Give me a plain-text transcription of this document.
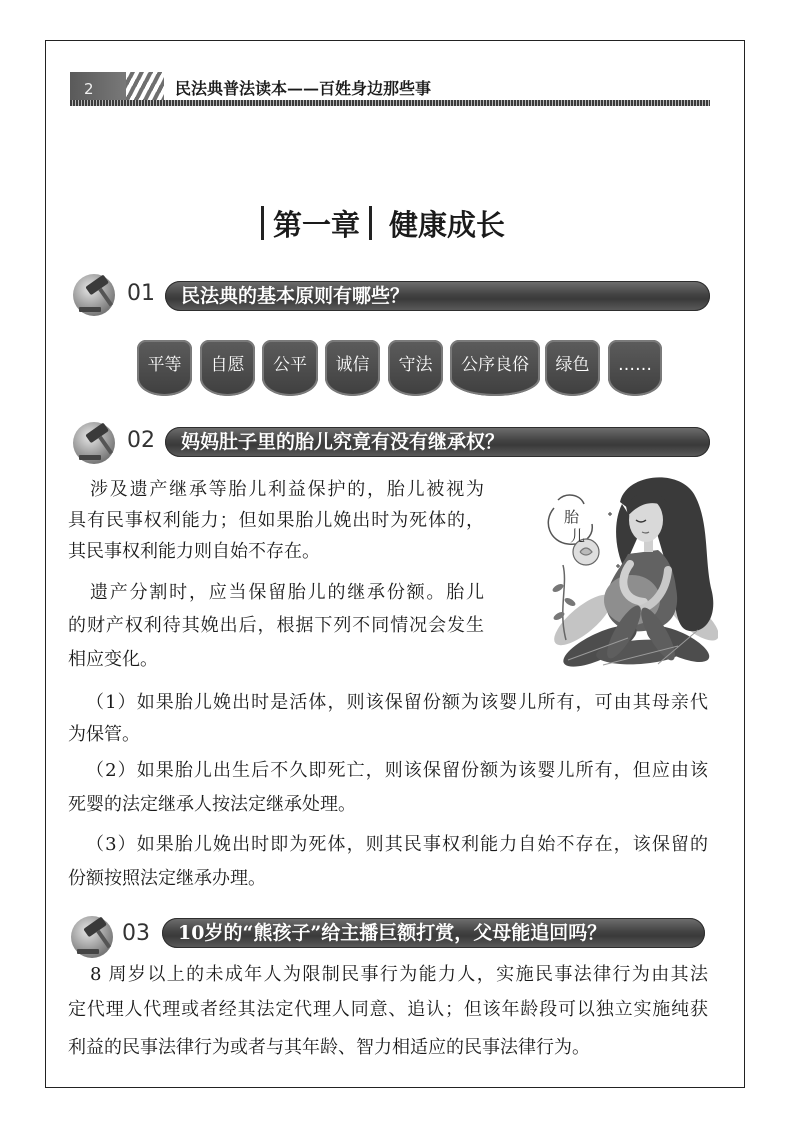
2	民法典普法读本——百姓身边那些事
第一章 健康成长
01	民法典的基本原则有哪些？
平等	自愿	公平	诚信	守法	公序良俗	绿色	……
02	妈妈肚子里的胎儿究竟有没有继承权？
涉及遗产继承等胎儿利益保护的，胎儿被视为
具有民事权利能力；但如果胎儿娩出时为死体的，
其民事权利能力则自始不存在。
遗产分割时，应当保留胎儿的继承份额。胎儿
的财产权利待其娩出后，根据下列不同情况会发生
相应变化。
（1）如果胎儿娩出时是活体，则该保留份额为该婴儿所有，可由其母亲代
为保管。
（2）如果胎儿出生后不久即死亡，则该保留份额为该婴儿所有，但应由该
死婴的法定继承人按法定继承处理。
（3）如果胎儿娩出时即为死体，则其民事权利能力自始不存在，该保留的
份额按照法定继承办理。
胎
儿
03	10岁的“熊孩子”给主播巨额打赏，父母能追回吗？
8 周岁以上的未成年人为限制民事行为能力人，实施民事法律行为由其法
定代理人代理或者经其法定代理人同意、追认；但该年龄段可以独立实施纯获
利益的民事法律行为或者与其年龄、智力相适应的民事法律行为。
